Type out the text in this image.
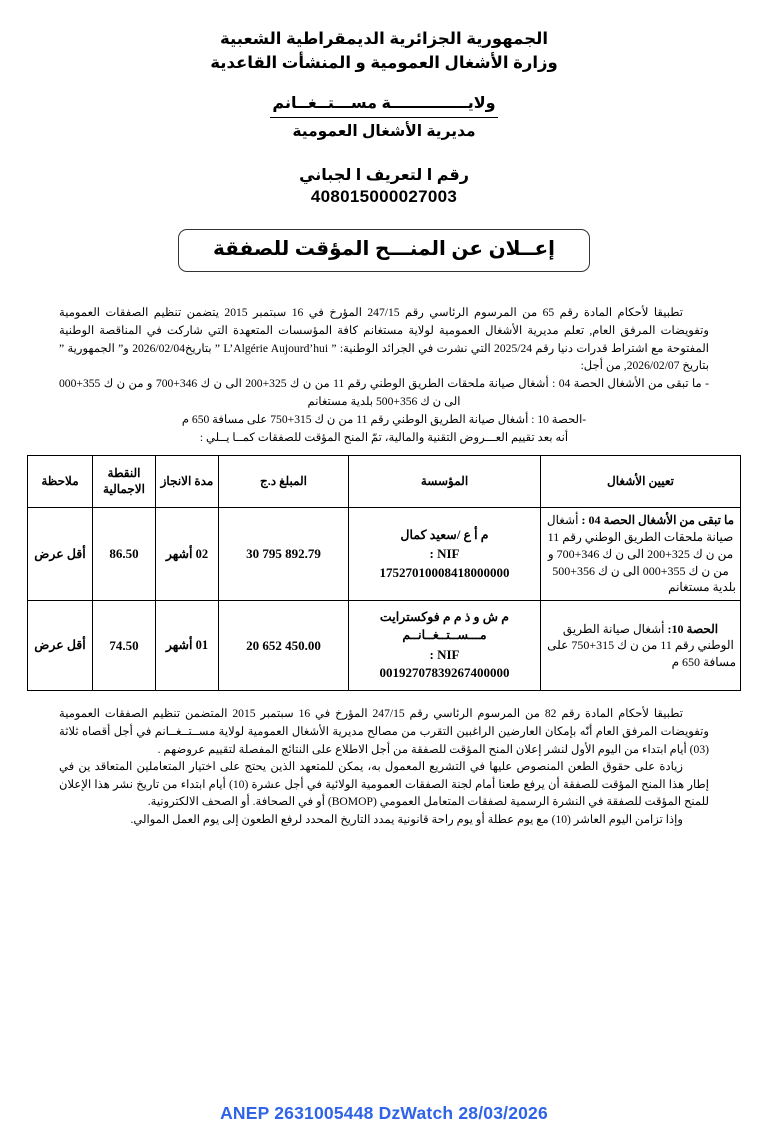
الجمهورية الجزائرية الديمقراطية الشعبية
وزارة الأشغال العمومية و المنشأت القاعدية
ولايــــــــــــــة مســـتــغــانم
مديرية الأشغال العمومية
رقم ا لتعريف ا لجباني
408015000027003
إعــلان عن المنـــح المؤقت للصفقة

تطبيقا لأحكام المادة رقم 65 من المرسوم الرئاسي رقم 247/15 المؤرخ في 16 سبتمبر 2015 يتضمن تنظيم الصفقات العمومية وتفويضات المرفق العام, تعلم مديرية الأشغال العمومية لولاية مستغانم كافة المؤسسات المتعهدة التي شاركت في المناقصة الوطنية المفتوحة مع اشتراط قدرات دنيا رقم 2025/24 التي نشرت في الجرائد الوطنية: ” L’Algérie Aujourd’hui ” بتاريخ2026/02/04 و” الجمهورية ” بتاريخ 2026/02/07, من أجل:

- ما تبقى من الأشغال الحصة 04 : أشغال صيانة ملحقات الطريق الوطني رقم 11 من ن ك 325+200 الى ن ك 346+700 و من ن ك 355+000 الى ن ك 356+500 بلدية مستغانم

-الحصة 10 : أشغال صيانة الطريق الوطني رقم 11 من ن ك 315+750 على مسافة 650 م

أنه بعد تقييم العـــروض التقنية والمالية، تمّ المنح المؤقت للصفقات كمــا يــلي :

تعيين الأشغال	المؤسسة	المبلغ د.ج	مدة الانجاز	النقطة الاجمالية	ملاحظة
ما تبقى من الأشغال الحصة 04 : أشغال صيانة ملحقات الطريق الوطني رقم 11 من ن ك 325+200 الى ن ك 346+700 و من ن ك 355+000 الى ن ك 356+500 بلدية مستغانم	م أ ع /سعيد كمال
NIF :
17527010008418000000	30 795 892.79	02 أشهر	86.50	أقل عرض
الحصة 10: أشغال صيانة الطريق الوطني رقم 11 من ن ك 315+750 على مسافة 650 م	م ش و ذ م م فوكسترايت مـــســتــغــانــم
NIF :
00192707839267400000	20 652 450.00	01 أشهر	74.50	أقل عرض

تطبيقا لأحكام المادة رقم 82 من المرسوم الرئاسي رقم 247/15 المؤرخ في 16 سبتمبر 2015 المتضمن تنظيم الصفقات العمومية وتفويضات المرفق العام أنّه بإمكان العارضين الراغبين التقرب من مصالح مديرية الأشغال العمومية لولاية مســتــغــانم في أجل أقصاه ثلاثة (03) أيام ابتداء من اليوم الأول لنشر إعلان المنح المؤقت للصفقة من أجل الاطلاع على النتائج المفصلة لتقييم عروضهم .

زيادة على حقوق الطعن المنصوص عليها في التشريع المعمول به، يمكن للمتعهد الذين يحتج على اختيار المتعاملين المتعاقد ين في إطار هذا المنح المؤقت للصفقة أن يرفع طعنا أمام لجنة الصفقات العمومية الولائية في أجل عشرة (10) أيام ابتداء من تاريخ نشر هذا الإعلان للمنح المؤقت للصفقة في النشرة الرسمية لصفقات المتعامل العمومي (BOMOP) أو في الصحافة. أو الصحف الالكترونية.

وإذا تزامن اليوم العاشر (10) مع يوم عطلة أو يوم راحة قانونية يمدد التاريخ المحدد لرفع الطعون إلى يوم العمل الموالي.

ANEP 2631005448 DzWatch 28/03/2026
